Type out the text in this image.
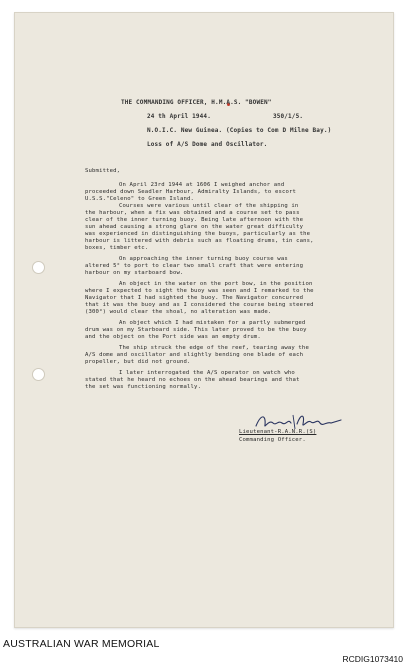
THE COMMANDING OFFICER, H.M.A.S. "BOWEN"
24 th April 1944.	350/1/5.
N.O.I.C. New Guinea. (Copies to Com D Milne Bay.)
Loss of A/S Dome and Oscillator.
Submitted,
On April 23rd 1944 at 1606 I weighed anchor and
proceeded down Seadler Harbour, Admiralty Islands, to escort
U.S.S."Celeno" to Green Island.
Courses were various until clear of the shipping in
the harbour, when a fix was obtained and a course set to pass
clear of the inner turning buoy. Being late afternoon with the
sun ahead causing a strong glare on the water great difficulty
was experienced in distinguishing the buoys, particularly as the
harbour is littered with debris such as floating drums, tin cans,
boxes, timber etc.
On approaching the inner turning buoy course was
altered 5° to port to clear two small craft that were entering
harbour on my starboard bow.
An object in the water on the port bow, in the position
where I expected to sight the buoy was seen and I remarked to the
Navigator that I had sighted the buoy. The Navigator concurred
that it was the buoy and as I considered the course being steered
(300°) would clear the shoal, no alteration was made.
An object which I had mistaken for a partly submerged
drum was on my Starboard side. This later proved to be the buoy
and the object on the Port side was an empty drum.
The ship struck the edge of the reef, tearing away the
A/S dome and oscillator and slightly bending one blade of each
propeller, but did not ground.
I later interrogated the A/S operator on watch who
stated that he heard no echoes on the ahead bearings and that
the set was functioning normally.
Lieutenant-R.A.N.R.(S)
Commanding Officer.
AUSTRALIAN WAR MEMORIAL
RCDIG1073410
